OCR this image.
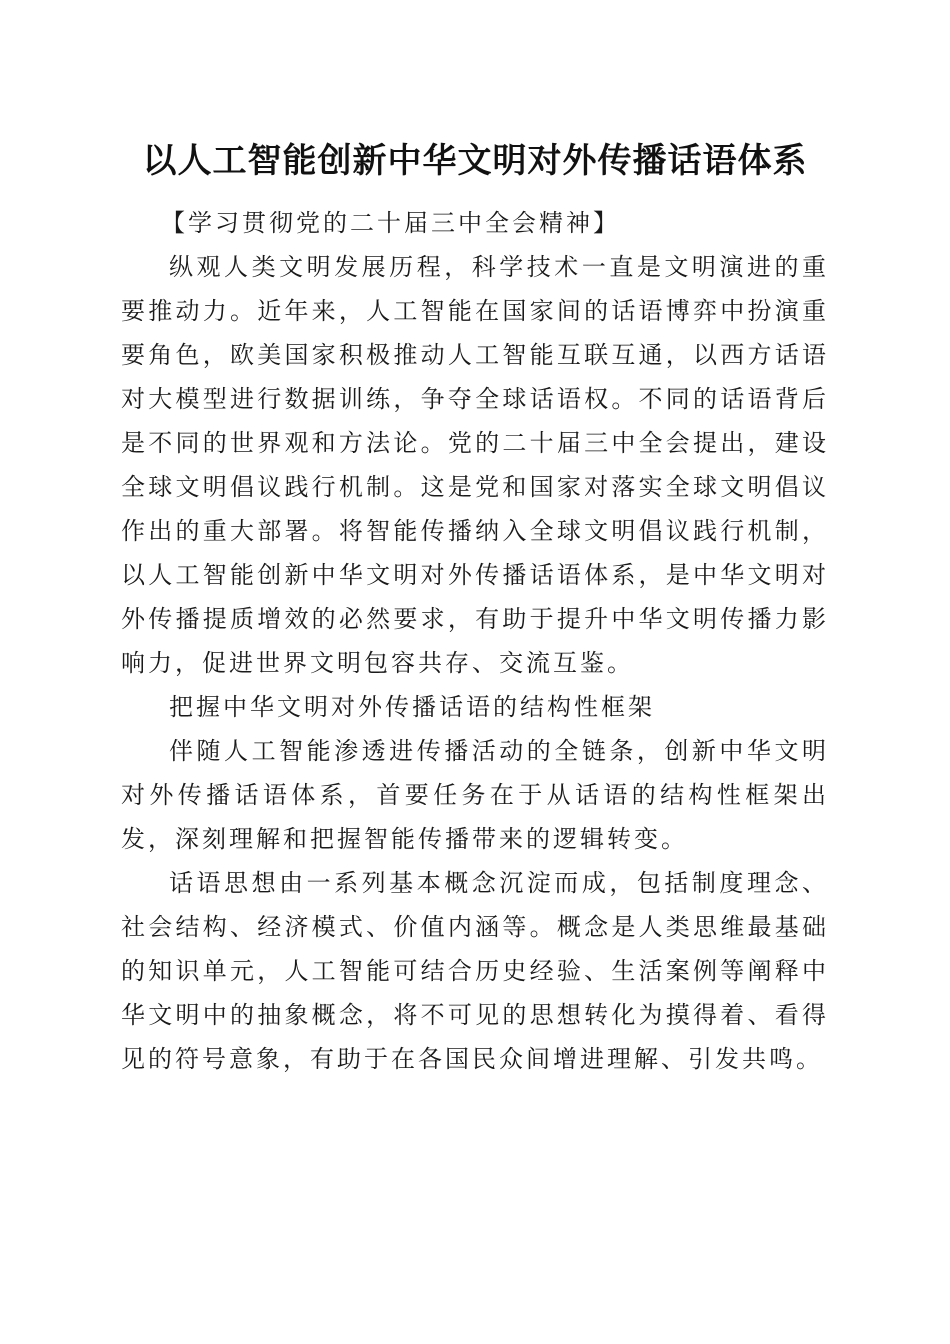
以人工智能创新中华文明对外传播话语体系

【学习贯彻党的二十届三中全会精神】

纵观人类文明发展历程，科学技术一直是文明演进的重要推动力。近年来，人工智能在国家间的话语博弈中扮演重要角色，欧美国家积极推动人工智能互联互通，以西方话语对大模型进行数据训练，争夺全球话语权。不同的话语背后是不同的世界观和方法论。党的二十届三中全会提出，建设全球文明倡议践行机制。这是党和国家对落实全球文明倡议作出的重大部署。将智能传播纳入全球文明倡议践行机制，以人工智能创新中华文明对外传播话语体系，是中华文明对外传播提质增效的必然要求，有助于提升中华文明传播力影响力，促进世界文明包容共存、交流互鉴。

把握中华文明对外传播话语的结构性框架

伴随人工智能渗透进传播活动的全链条，创新中华文明对外传播话语体系，首要任务在于从话语的结构性框架出发，深刻理解和把握智能传播带来的逻辑转变。

话语思想由一系列基本概念沉淀而成，包括制度理念、社会结构、经济模式、价值内涵等。概念是人类思维最基础的知识单元，人工智能可结合历史经验、生活案例等阐释中华文明中的抽象概念，将不可见的思想转化为摸得着、看得见的符号意象，有助于在各国民众间增进理解、引发共鸣。
